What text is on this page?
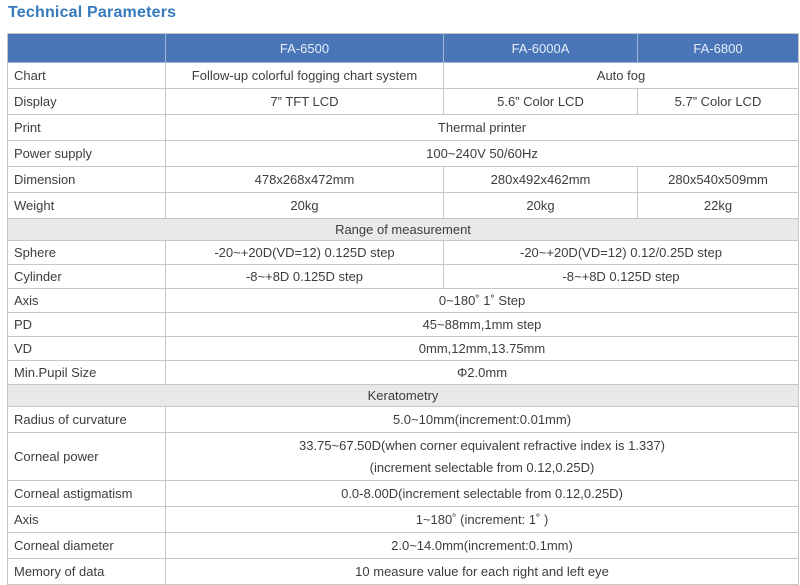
Technical Parameters
	FA-6500	FA-6000A	FA-6800
Chart	Follow-up colorful fogging chart system	Auto fog	
Display	7” TFT LCD	5.6” Color LCD	5.7” Color LCD
Print	Thermal printer		
Power supply	100~240V 50/60Hz		
Dimension	478x268x472mm	280x492x462mm	280x540x509mm
Weight	20kg	20kg	22kg
Range of measurement			
Sphere	-20~+20D(VD=12) 0.125D step	-20~+20D(VD=12) 0.12/0.25D step	
Cylinder	-8~+8D 0.125D step	-8~+8D 0.125D step	
Axis	0~180˚ 1˚ Step		
PD	45~88mm,1mm step		
VD	0mm,12mm,13.75mm		
Min.Pupil Size	Φ2.0mm		
Keratometry			
Radius of curvature	5.0~10mm(increment:0.01mm)		
Corneal power	33.75~67.50D(when corner equivalent refractive index is 1.337)
(increment selectable from 0.12,0.25D)		

Corneal astigmatism	0.0-8.00D(increment selectable from 0.12,0.25D)		
Axis	1~180˚ (increment: 1˚ )		
Corneal diameter	2.0~14.0mm(increment:0.1mm)		
Memory of data	10 measure value for each right and left eye		
